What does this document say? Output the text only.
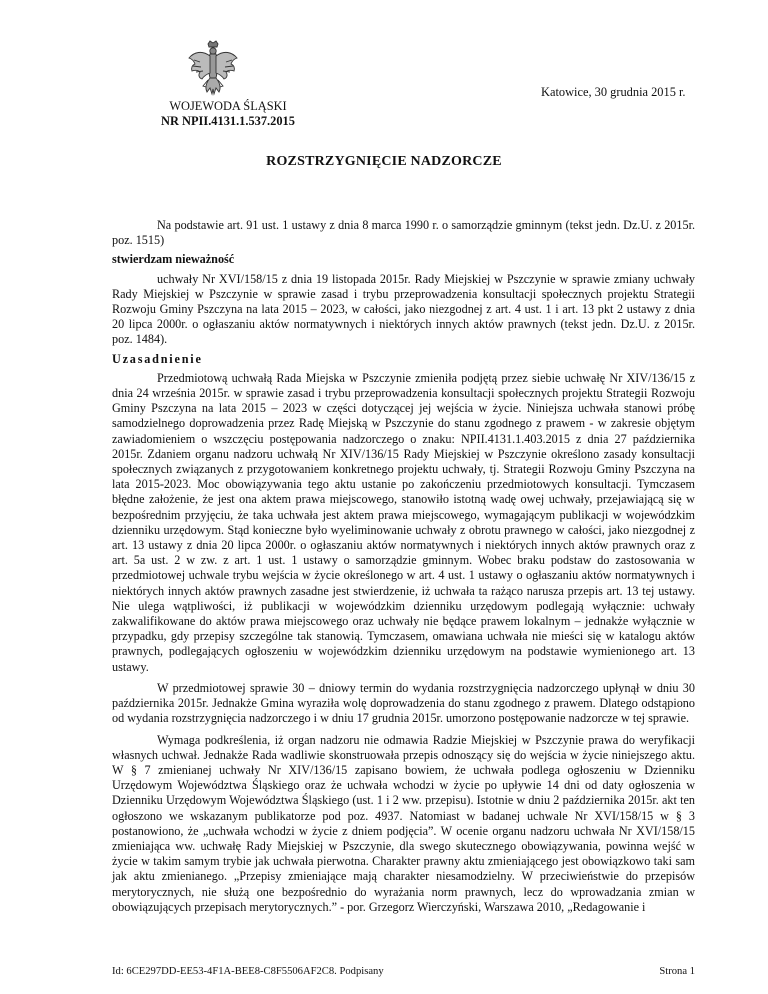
Katowice, 30 grudnia 2015 r.
WOJEWODA ŚLĄSKI
NR NPII.4131.1.537.2015
ROZSTRZYGNIĘCIE NADZORCZE

Na podstawie art. 91 ust. 1 ustawy z dnia 8 marca 1990 r. o samorządzie gminnym (tekst jedn. Dz.U. z 2015r. poz. 1515)

stwierdzam nieważność

uchwały Nr XVI/158/15 z dnia 19 listopada 2015r. Rady Miejskiej w Pszczynie w sprawie zmiany uchwały Rady Miejskiej w Pszczynie w sprawie zasad i trybu przeprowadzenia konsultacji społecznych projektu Strategii Rozwoju Gminy Pszczyna na lata 2015 – 2023, w całości, jako niezgodnej z art. 4 ust. 1 i art. 13 pkt 2 ustawy z dnia 20 lipca 2000r. o ogłaszaniu aktów normatywnych i niektórych innych aktów prawnych (tekst jedn. Dz.U. z 2015r. poz. 1484).

Uzasadnienie

Przedmiotową uchwałą Rada Miejska w Pszczynie zmieniła podjętą przez siebie uchwałę Nr XIV/136/15 z dnia 24 września 2015r. w sprawie zasad i trybu przeprowadzenia konsultacji społecznych projektu Strategii Rozwoju Gminy Pszczyna na lata 2015 – 2023 w części dotyczącej jej wejścia w życie. Niniejsza uchwała stanowi próbę samodzielnego doprowadzenia przez Radę Miejską w Pszczynie do stanu zgodnego z prawem - w zakresie objętym zawiadomieniem o wszczęciu postępowania nadzorczego o znaku: NPII.4131.1.403.2015 z dnia 27 października 2015r. Zdaniem organu nadzoru uchwałą Nr XIV/136/15 Rady Miejskiej w Pszczynie określono zasady konsultacji społecznych związanych z przygotowaniem konkretnego projektu uchwały, tj. Strategii Rozwoju Gminy Pszczyna na lata 2015-2023. Moc obowiązywania tego aktu ustanie po zakończeniu przedmiotowych konsultacji. Tymczasem błędne założenie, że jest ona aktem prawa miejscowego, stanowiło istotną wadę owej uchwały, przejawiającą się w bezpośrednim przyjęciu, że taka uchwała jest aktem prawa miejscowego, wymagającym publikacji w wojewódzkim dzienniku urzędowym. Stąd konieczne było wyeliminowanie uchwały z obrotu prawnego w całości, jako niezgodnej z art. 13 ustawy z dnia 20 lipca 2000r. o ogłaszaniu aktów normatywnych i niektórych innych aktów prawnych oraz z art. 5a ust. 2 w zw. z art. 1 ust. 1 ustawy o samorządzie gminnym. Wobec braku podstaw do zastosowania w przedmiotowej uchwale trybu wejścia w życie określonego w art. 4 ust. 1 ustawy o ogłaszaniu aktów normatywnych i niektórych innych aktów prawnych zasadne jest stwierdzenie, iż uchwała ta rażąco narusza przepis art. 13 tej ustawy. Nie ulega wątpliwości, iż publikacji w wojewódzkim dzienniku urzędowym podlegają wyłącznie: uchwały zakwalifikowane do aktów prawa miejscowego oraz uchwały nie będące prawem lokalnym – jednakże wyłącznie w przypadku, gdy przepisy szczególne tak stanowią. Tymczasem, omawiana uchwała nie mieści się w katalogu aktów prawnych, podlegających ogłoszeniu w wojewódzkim dzienniku urzędowym na podstawie wymienionego art. 13 ustawy.

W przedmiotowej sprawie 30 – dniowy termin do wydania rozstrzygnięcia nadzorczego upłynął w dniu 30 października 2015r. Jednakże Gmina wyraziła wolę doprowadzenia do stanu zgodnego z prawem. Dlatego odstąpiono od wydania rozstrzygnięcia nadzorczego i w dniu 17 grudnia 2015r. umorzono postępowanie nadzorcze w tej sprawie.

Wymaga podkreślenia, iż organ nadzoru nie odmawia Radzie Miejskiej w Pszczynie prawa do weryfikacji własnych uchwał. Jednakże Rada wadliwie skonstruowała przepis odnoszący się do wejścia w życie niniejszego aktu. W § 7 zmienianej uchwały Nr XIV/136/15 zapisano bowiem, że uchwała podlega ogłoszeniu w Dzienniku Urzędowym Województwa Śląskiego oraz że uchwała wchodzi w życie po upływie 14 dni od daty ogłoszenia w Dzienniku Urzędowym Województwa Śląskiego (ust. 1 i 2 ww. przepisu). Istotnie w dniu 2 października 2015r. akt ten ogłoszono we wskazanym publikatorze pod poz. 4937. Natomiast w badanej uchwale Nr XVI/158/15 w § 3 postanowiono, że „uchwała wchodzi w życie z dniem podjęcia”. W ocenie organu nadzoru uchwała Nr XVI/158/15 zmieniająca ww. uchwałę Rady Miejskiej w Pszczynie, dla swego skutecznego obowiązywania, powinna wejść w życie w takim samym trybie jak uchwała pierwotna. Charakter prawny aktu zmieniającego jest obowiązkowo taki sam jak aktu zmienianego. „Przepisy zmieniające mają charakter niesamodzielny. W przeciwieństwie do przepisów merytorycznych, nie służą one bezpośrednio do wyrażania norm prawnych, lecz do wprowadzania zmian w obowiązujących przepisach merytorycznych.” - por. Grzegorz Wierczyński, Warszawa 2010, „Redagowanie i

Id: 6CE297DD-EE53-4F1A-BEE8-C8F5506AF2C8. Podpisany	Strona 1
